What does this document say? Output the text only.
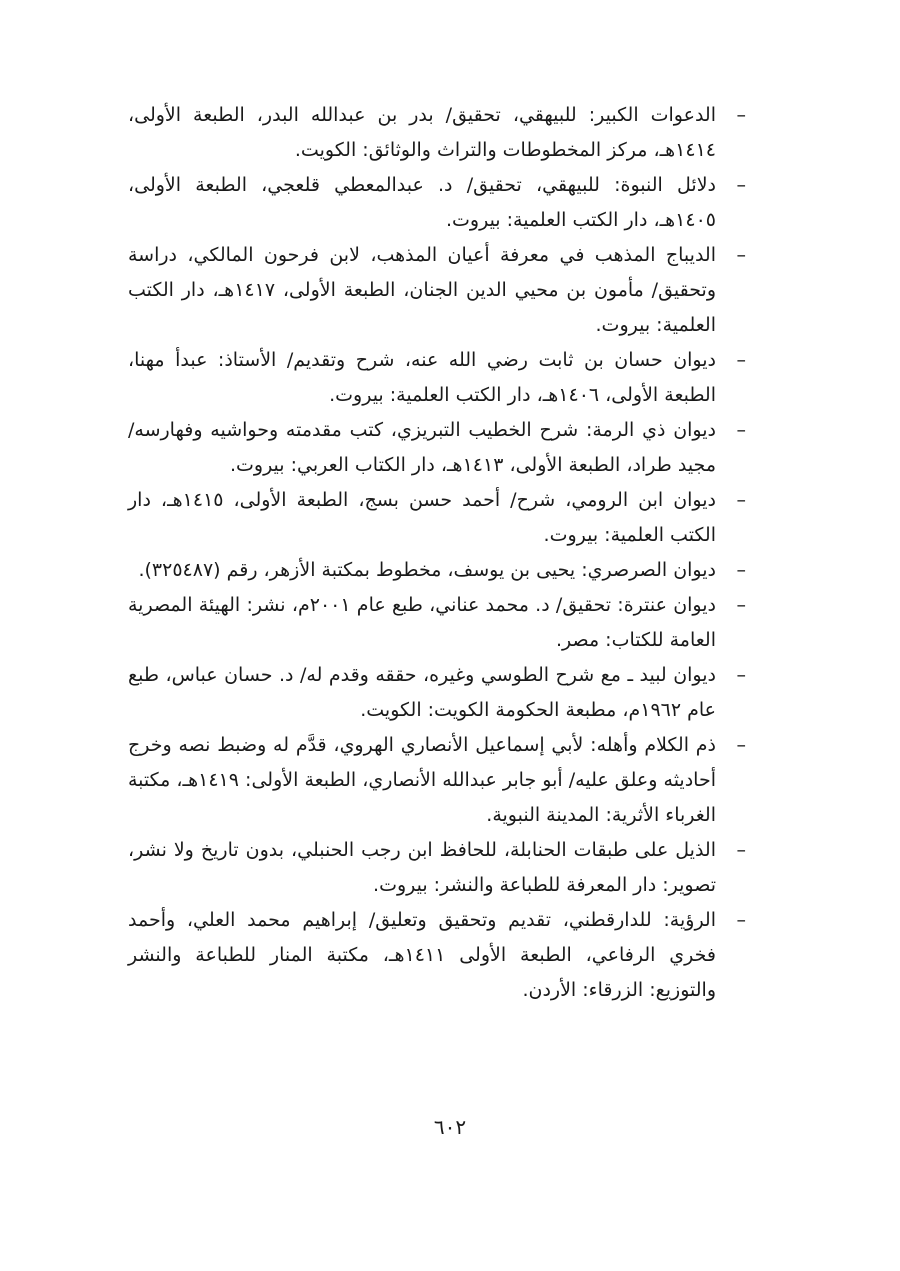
–
الدعوات الكبير: للبيهقي، تحقيق/ بدر بن عبدالله البدر، الطبعة الأولى، ١٤١٤هـ، مركز المخطوطات والتراث والوثائق: الكويت.
–
دلائل النبوة: للبيهقي، تحقيق/ د. عبدالمعطي قلعجي، الطبعة الأولى، ١٤٠٥هـ، دار الكتب العلمية: بيروت.
–
الديباج المذهب في معرفة أعيان المذهب، لابن فرحون المالكي، دراسة وتحقيق/ مأمون بن محيي الدين الجنان، الطبعة الأولى، ١٤١٧هـ، دار الكتب العلمية: بيروت.
–
ديوان حسان بن ثابت رضي الله عنه، شرح وتقديم/ الأستاذ: عبدأ مهنا، الطبعة الأولى، ١٤٠٦هـ، دار الكتب العلمية: بيروت.
–
ديوان ذي الرمة: شرح الخطيب التبريزي، كتب مقدمته وحواشيه وفهارسه/ مجيد طراد، الطبعة الأولى، ١٤١٣هـ، دار الكتاب العربي: بيروت.
–
ديوان ابن الرومي، شرح/ أحمد حسن بسج، الطبعة الأولى، ١٤١٥هـ، دار الكتب العلمية: بيروت.
–
ديوان الصرصري: يحيى بن يوسف، مخطوط بمكتبة الأزهر، رقم (٣٢٥٤٨٧).
–
ديوان عنترة: تحقيق/ د. محمد عناني، طبع عام ٢٠٠١م، نشر: الهيئة المصرية العامة للكتاب: مصر.
–
ديوان لبيد ـ مع شرح الطوسي وغيره، حققه وقدم له/ د. حسان عباس، طبع عام ١٩٦٢م، مطبعة الحكومة الكويت: الكويت.
–
ذم الكلام وأهله: لأبي إسماعيل الأنصاري الهروي، قدَّم له وضبط نصه وخرج أحاديثه وعلق عليه/ أبو جابر عبدالله الأنصاري، الطبعة الأولى: ١٤١٩هـ، مكتبة الغرباء الأثرية: المدينة النبوية.
–
الذيل على طبقات الحنابلة، للحافظ ابن رجب الحنبلي، بدون تاريخ ولا نشر، تصوير: دار المعرفة للطباعة والنشر: بيروت.
–
الرؤية: للدارقطني، تقديم وتحقيق وتعليق/ إبراهيم محمد العلي، وأحمد فخري الرفاعي، الطبعة الأولى ١٤١١هـ، مكتبة المنار للطباعة والنشر والتوزيع: الزرقاء: الأردن.
٦٠٢
